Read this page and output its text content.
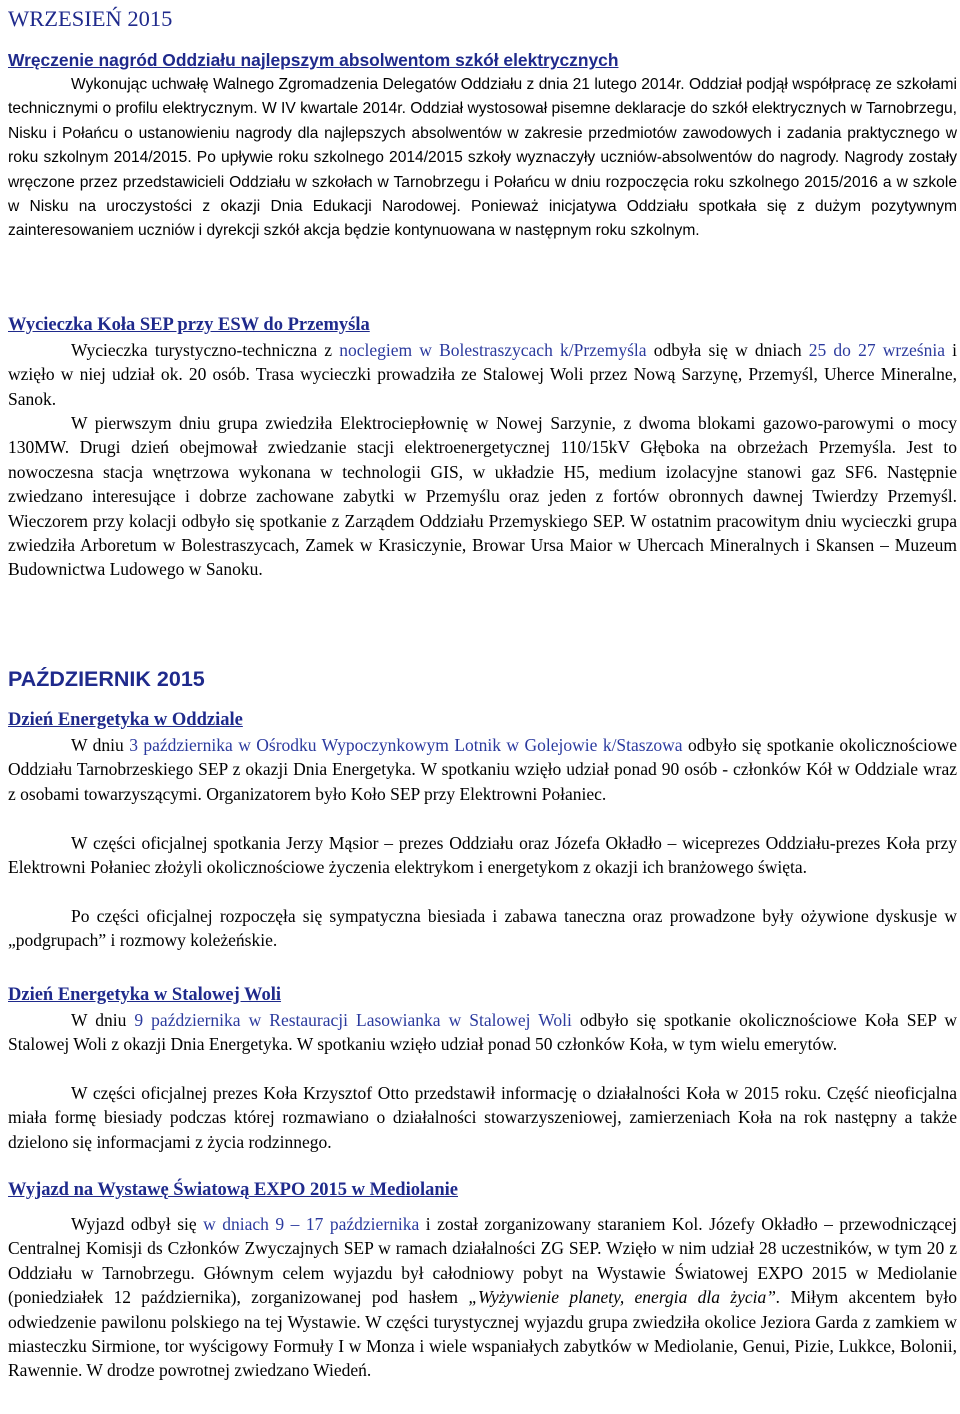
WRZESIEŃ 2015
Wręczenie nagród Oddziału najlepszym absolwentom szkół elektrycznych

Wykonując uchwałę Walnego Zgromadzenia Delegatów Oddziału z dnia 21 lutego 2014r. Oddział podjął współpracę ze szkołami technicznymi o profilu elektrycznym. W IV kwartale 2014r. Oddział wystosował pisemne deklaracje do szkół elektrycznych w Tarnobrzegu, Nisku i Połańcu o ustanowieniu nagrody dla najlepszych absolwentów w zakresie przedmiotów zawodowych i zadania praktycznego w roku szkolnym 2014/2015. Po upływie roku szkolnego 2014/2015 szkoły wyznaczyły uczniów-absolwentów do nagrody. Nagrody zostały wręczone przez przedstawicieli Oddziału w szkołach w Tarnobrzegu i Połańcu w dniu rozpoczęcia roku szkolnego 2015/2016 a w szkole w Nisku na uroczystości z okazji Dnia Edukacji Narodowej. Ponieważ inicjatywa Oddziału spotkała się z dużym pozytywnym zainteresowaniem uczniów i dyrekcji szkół akcja będzie kontynuowana w następnym roku szkolnym.

Wycieczka Koła SEP przy ESW do Przemyśla

Wycieczka turystyczno-techniczna z noclegiem w Bolestraszycach k/Przemyśla odbyła się w dniach 25 do 27 września i wzięło w niej udział ok. 20 osób. Trasa wycieczki prowadziła ze Stalowej Woli przez Nową Sarzynę, Przemyśl, Uherce Mineralne, Sanok.

W pierwszym dniu grupa zwiedziła Elektrociepłownię w Nowej Sarzynie, z dwoma blokami gazowo-parowymi o mocy 130MW. Drugi dzień obejmował zwiedzanie stacji elektroenergetycznej 110/15kV Głęboka na obrzeżach Przemyśla. Jest to nowoczesna stacja wnętrzowa wykonana w technologii GIS, w układzie H5, medium izolacyjne stanowi gaz SF6. Następnie zwiedzano interesujące i dobrze zachowane zabytki w Przemyślu oraz jeden z fortów obronnych dawnej Twierdzy Przemyśl. Wieczorem przy kolacji odbyło się spotkanie z Zarządem Oddziału Przemyskiego SEP. W ostatnim pracowitym dniu wycieczki grupa zwiedziła Arboretum w Bolestraszycach, Zamek w Krasiczynie, Browar Ursa Maior w Uhercach Mineralnych i Skansen – Muzeum Budownictwa Ludowego w Sanoku.

PAŹDZIERNIK 2015
Dzień Energetyka w Oddziale

W dniu 3 października w Ośrodku Wypoczynkowym Lotnik w Golejowie k/Staszowa odbyło się spotkanie okolicznościowe Oddziału Tarnobrzeskiego SEP z okazji Dnia Energetyka. W spotkaniu wzięło udział ponad 90 osób - członków Kół w Oddziale wraz z osobami towarzyszącymi. Organizatorem było Koło SEP przy Elektrowni Połaniec.

W części oficjalnej spotkania Jerzy Mąsior – prezes Oddziału oraz Józefa Okładło – wiceprezes Oddziału-prezes Koła przy Elektrowni Połaniec złożyli okolicznościowe życzenia elektrykom i energetykom z okazji ich branżowego święta.

Po części oficjalnej rozpoczęła się sympatyczna biesiada i zabawa taneczna oraz prowadzone były ożywione dyskusje w „podgrupach” i rozmowy koleżeńskie.

Dzień Energetyka w Stalowej Woli

W dniu 9 października w Restauracji Lasowianka w Stalowej Woli odbyło się spotkanie okolicznościowe Koła SEP w Stalowej Woli z okazji Dnia Energetyka. W spotkaniu wzięło udział ponad 50 członków Koła, w tym wielu emerytów.

W części oficjalnej prezes Koła Krzysztof Otto przedstawił informację o działalności Koła w 2015 roku. Część nieoficjalna miała formę biesiady podczas której rozmawiano o działalności stowarzyszeniowej, zamierzeniach Koła na rok następny a także dzielono się informacjami z życia rodzinnego.

Wyjazd na Wystawę Światową EXPO 2015 w Mediolanie

Wyjazd odbył się w dniach 9 – 17 października i został zorganizowany staraniem Kol. Józefy Okładło – przewodniczącej Centralnej Komisji ds Członków Zwyczajnych SEP w ramach działalności ZG SEP. Wzięło w nim udział 28 uczestników, w tym 20 z Oddziału w Tarnobrzegu. Głównym celem wyjazdu był całodniowy pobyt na Wystawie Światowej EXPO 2015 w Mediolanie (poniedziałek 12 października), zorganizowanej pod hasłem „Wyżywienie planety, energia dla życia”. Miłym akcentem było odwiedzenie pawilonu polskiego na tej Wystawie. W części turystycznej wyjazdu grupa zwiedziła okolice Jeziora Garda z zamkiem w miasteczku Sirmione, tor wyścigowy Formuły I w Monza i wiele wspaniałych zabytków w Mediolanie, Genui, Pizie, Lukkce, Bolonii, Rawennie. W drodze powrotnej zwiedzano Wiedeń.
